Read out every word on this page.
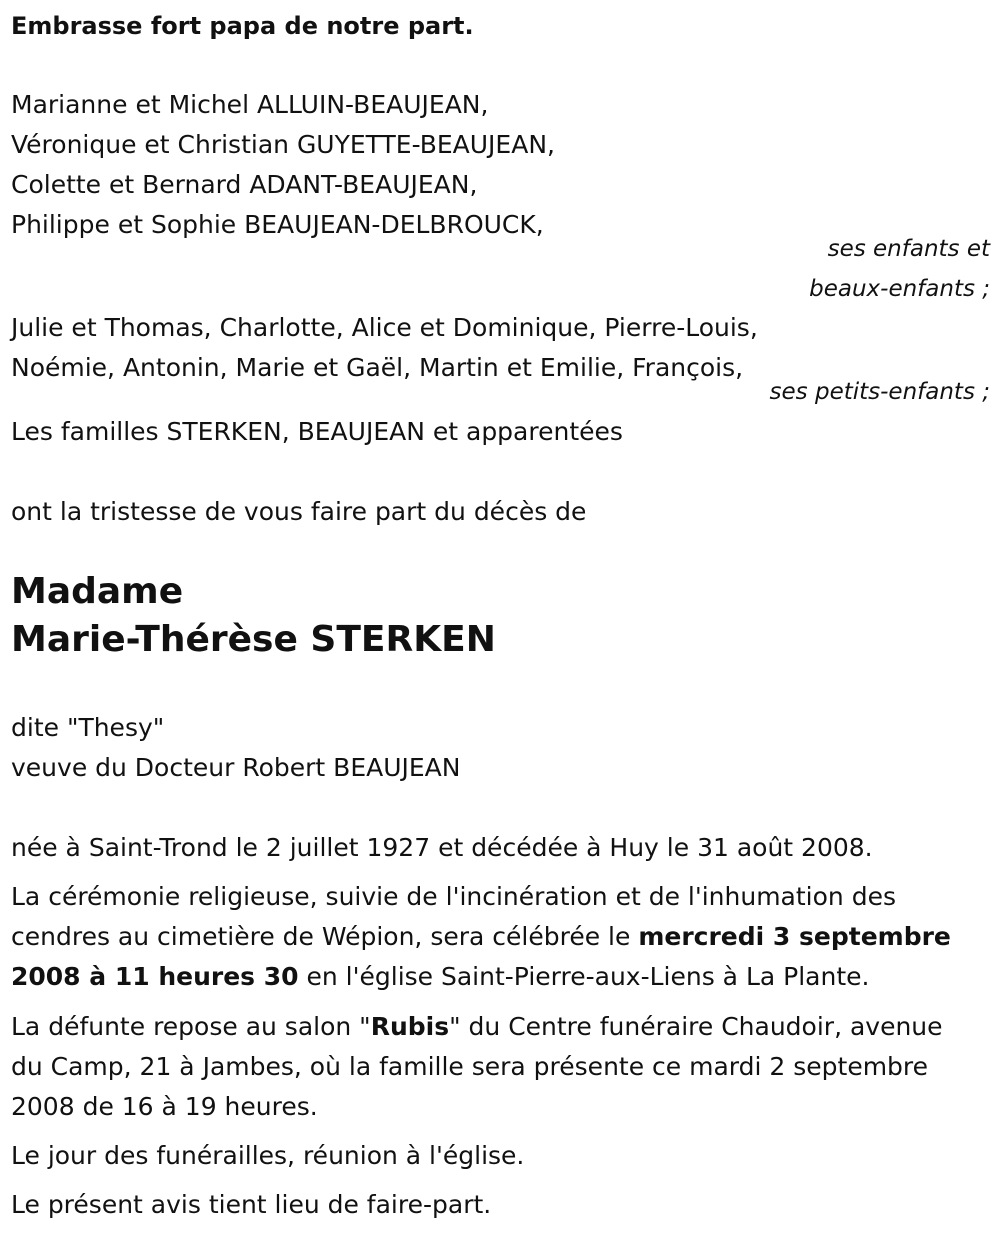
Embrasse fort papa de notre part.
Marianne et Michel ALLUIN-BEAUJEAN,
Véronique et Christian GUYETTE-BEAUJEAN,
Colette et Bernard ADANT-BEAUJEAN,
Philippe et Sophie BEAUJEAN-DELBROUCK,
ses enfants et
beaux-enfants ;
Julie et Thomas, Charlotte, Alice et Dominique, Pierre-Louis,
Noémie, Antonin, Marie et Gaël, Martin et Emilie, François,
ses petits-enfants ;
Les familles STERKEN, BEAUJEAN et apparentées
ont la tristesse de vous faire part du décès de
Madame
Marie-Thérèse STERKEN
dite "Thesy"
veuve du Docteur Robert BEAUJEAN
née à Saint-Trond le 2 juillet 1927 et décédée à Huy le 31 août 2008.
La cérémonie religieuse, suivie de l'incinération et de l'inhumation des
cendres au cimetière de Wépion, sera célébrée le mercredi 3 septembre
2008 à 11 heures 30 en l'église Saint-Pierre-aux-Liens à La Plante.
La défunte repose au salon "Rubis" du Centre funéraire Chaudoir, avenue
du Camp, 21 à Jambes, où la famille sera présente ce mardi 2 septembre
2008 de 16 à 19 heures.
Le jour des funérailles, réunion à l'église.
Le présent avis tient lieu de faire-part.
